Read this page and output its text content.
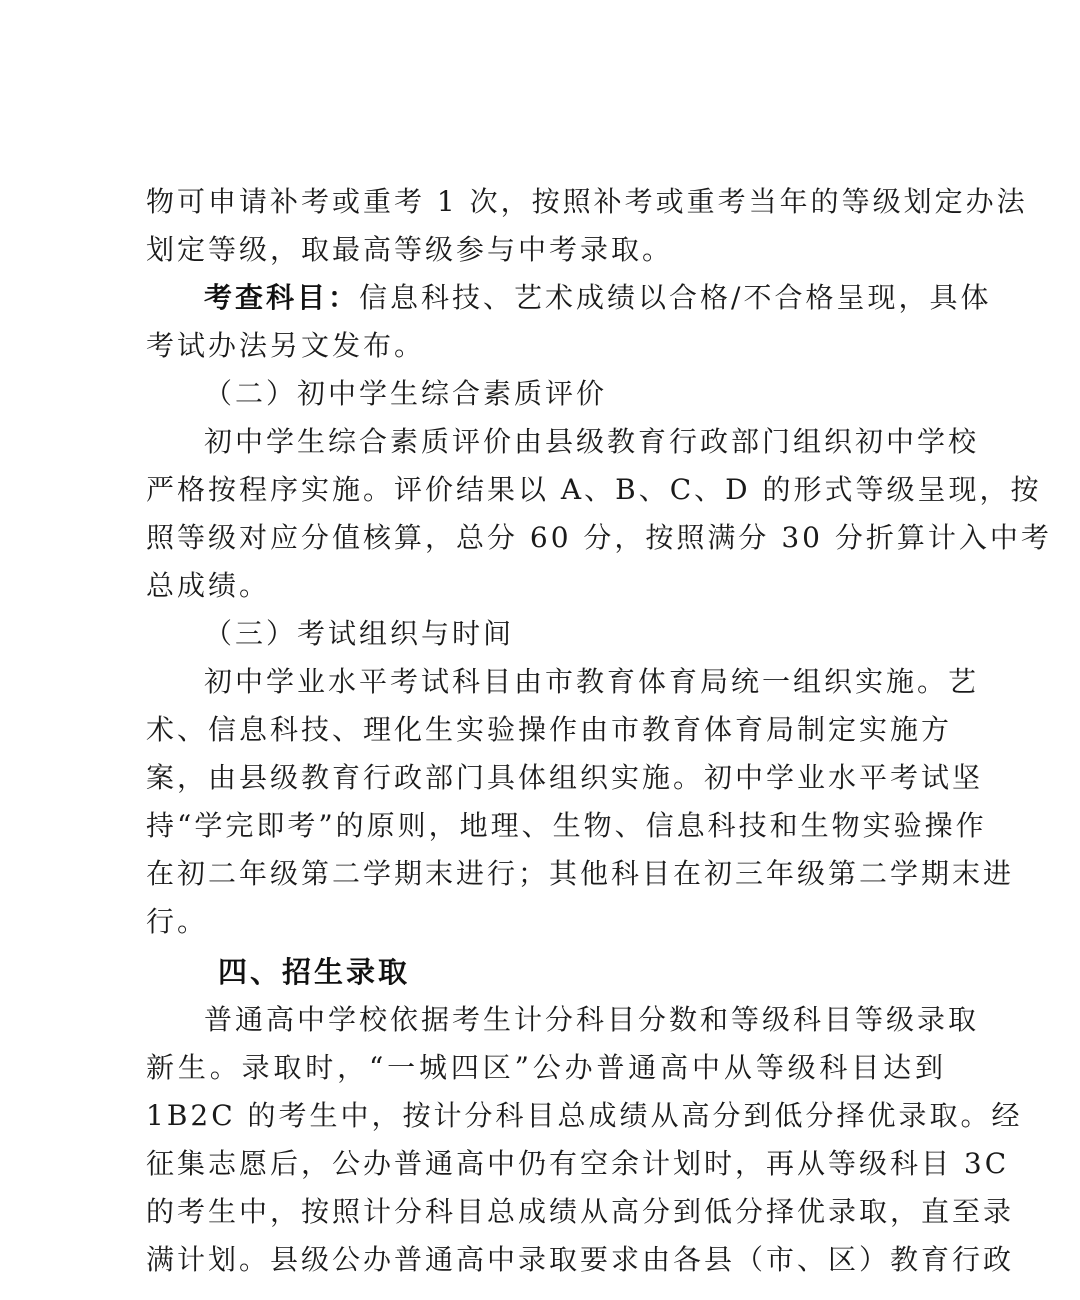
物可申请补考或重考 1 次，按照补考或重考当年的等级划定办法
划定等级，取最高等级参与中考录取。
考查科目：信息科技、艺术成绩以合格/不合格呈现，具体
考试办法另文发布。
（二）初中学生综合素质评价
初中学生综合素质评价由县级教育行政部门组织初中学校
严格按程序实施。评价结果以 A、B、C、D 的形式等级呈现，按
照等级对应分值核算，总分 60 分，按照满分 30 分折算计入中考
总成绩。
（三）考试组织与时间
初中学业水平考试科目由市教育体育局统一组织实施。艺
术、信息科技、理化生实验操作由市教育体育局制定实施方
案，由县级教育行政部门具体组织实施。初中学业水平考试坚
持“学完即考”的原则，地理、生物、信息科技和生物实验操作
在初二年级第二学期末进行；其他科目在初三年级第二学期末进
行。
四、招生录取
普通高中学校依据考生计分科目分数和等级科目等级录取
新生。录取时，“一城四区”公办普通高中从等级科目达到
1B2C 的考生中，按计分科目总成绩从高分到低分择优录取。经
征集志愿后，公办普通高中仍有空余计划时，再从等级科目 3C
的考生中，按照计分科目总成绩从高分到低分择优录取，直至录
满计划。县级公办普通高中录取要求由各县（市、区）教育行政
